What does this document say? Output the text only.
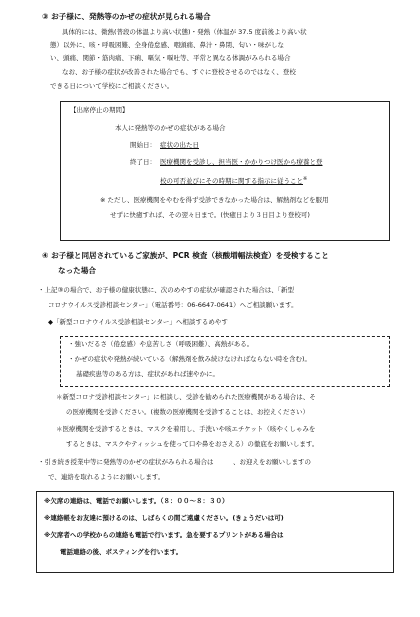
③ お子様に、発熱等のかぜの症状が見られる場合
具体的には、微熱(普段の体温より高い状態)・発熱（体温が 37.5 度前後より高い状
態）以外に、咳・呼吸困難、全身倦怠感、咽頭痛、鼻汁・鼻閉、匂い・味がしな
い、頭痛、関節・筋肉痛、下痢、嘔気・嘔吐等、平常と異なる体調がみられる場合
なお、お子様の症状が改善された場合でも、すぐに登校させるのではなく、登校
できる日について学校にご相談ください。
【出席停止の期間】
本人に発熱等のかぜの症状がある場合
開始日： 症状の出た日
終了日： 医療機関を受診し、担当医・かかりつけ医から療養と登
校の可否並びにその時期に関する指示に従うこと※
※ ただし、医療機関をやむを得ず受診できなかった場合は、解熱剤などを服用
せずに快癒すれば、その翌々日まで。(快癒日より３日目より登校可)
④ お子様と同居されているご家族が、PCR 検査（核酸増幅法検査）を受検すること
なった場合
・上記③の場合で、お子様の健康状態に、次のめやすの症状が確認された場合は、「新型
コロナウイルス受診相談センター」（電話番号：06-6647-0641）へご相談願います。
◆「新型コロナウイルス受診相談センター」へ相談するめやす
・強いだるさ（倦怠感）や息苦しさ（呼吸困難）、高熱がある。
・かぜの症状や発熱が続いている（解熱剤を飲み続けなければならない時を含む)。
基礎疾患等のある方は、症状があれば速やかに。
＊新型コロナ受診相談センター」に相談し、受診を勧められた医療機関がある場合は、そ
の医療機関を受診ください。(複数の医療機関を受診することは、お控えください）
＊医療機関を受診するときは、マスクを着用し、手洗いや咳エチケット（咳やくしゃみを
するときは、マスクやティッシュを使って口や鼻をおさえる）の徹底をお願いします。
・引き続き授業中等に発熱等のかぜの症状がみられる場合は　　　、お迎えをお願いしますの
で、連絡を取れるようにお願いします。
※欠席の連絡は、電話でお願いします。（８：００～８：３０）
※連絡帳をお友達に預けるのは、しばらくの間ご遠慮ください。(きょうだいは可)
※欠席者への学校からの連絡も電話で行います。急を要するプリントがある場合は
電話連絡の後、ポスティングを行います。
